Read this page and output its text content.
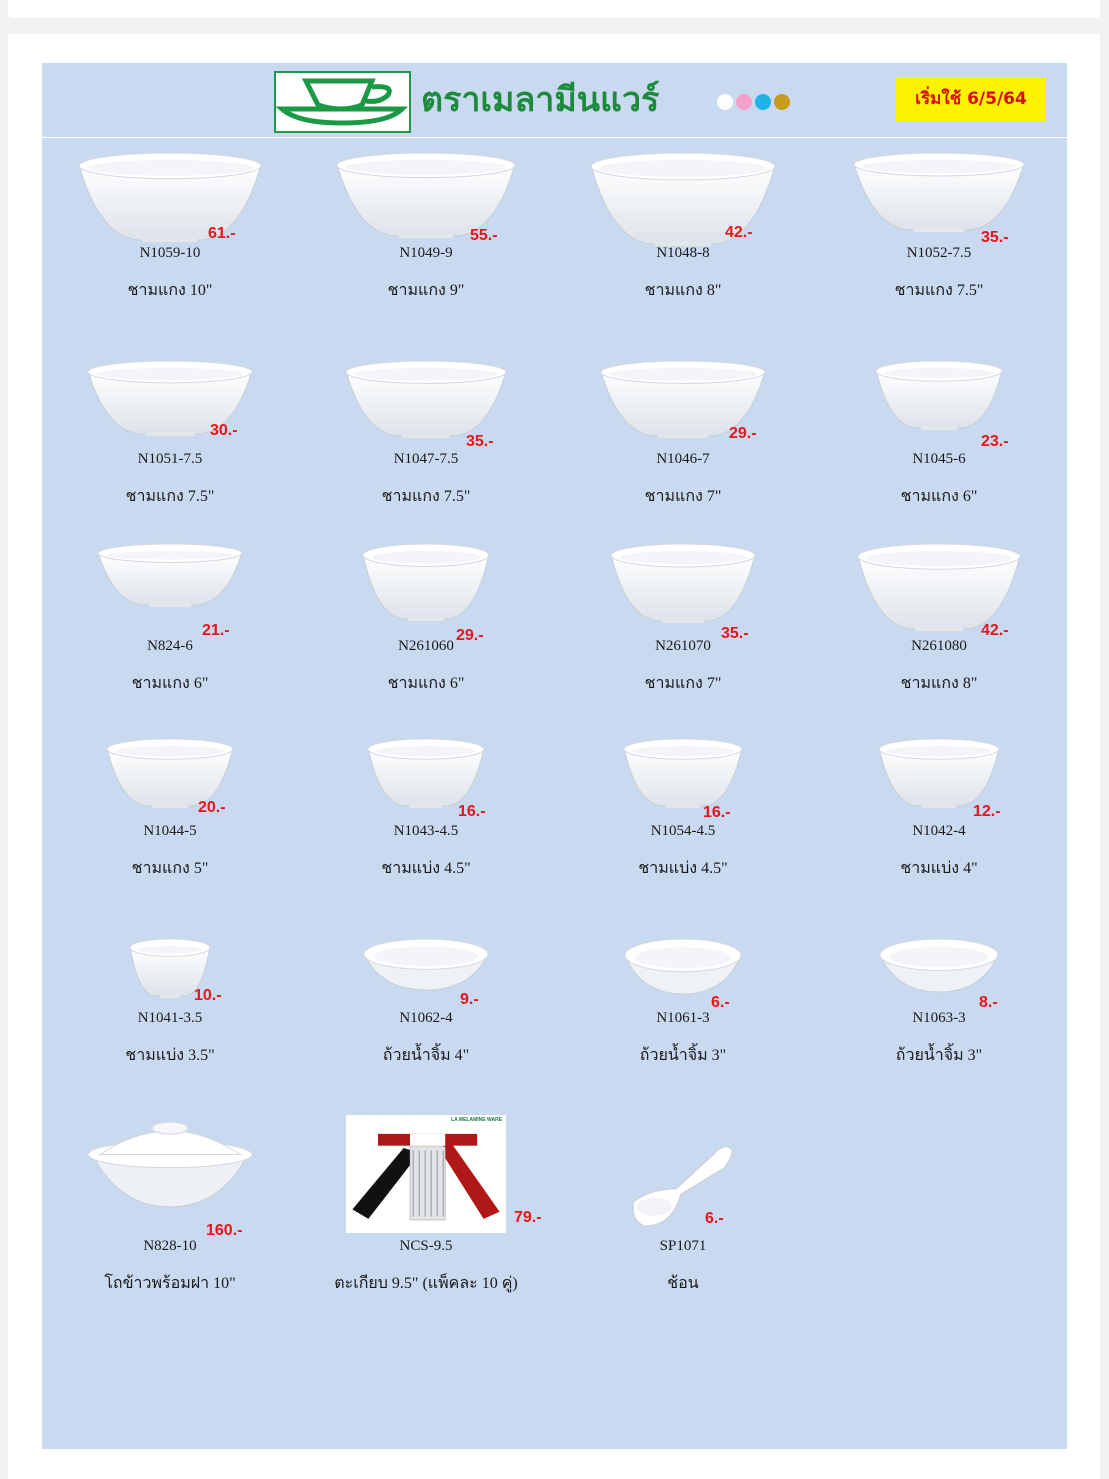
ตราเมลามีนแวร์	เริ่มใช้ 6/5/64
61.-
N1059-10
ชามแกง 10"
55.-
N1049-9
ชามแกง 9"
42.-
N1048-8
ชามแกง 8"
35.-
N1052-7.5
ชามแกง 7.5"
30.-
N1051-7.5
ชามแกง 7.5"
35.-
N1047-7.5
ชามแกง 7.5"
29.-
N1046-7
ชามแกง 7"
23.-
N1045-6
ชามแกง 6"
21.-
N824-6
ชามแกง 6"
29.-
N261060
ชามแกง 6"
35.-
N261070
ชามแกง 7"
42.-
N261080
ชามแกง 8"
20.-
N1044-5
ชามแกง 5"
16.-
N1043-4.5
ชามแบ่ง 4.5"
16.-
N1054-4.5
ชามแบ่ง 4.5"
12.-
N1042-4
ชามแบ่ง 4"
10.-
N1041-3.5
ชามแบ่ง 3.5"
9.-
N1062-4
ถ้วยน้ำจิ้ม 4"
6.-
N1061-3
ถ้วยน้ำจิ้ม 3"
8.-
N1063-3
ถ้วยน้ำจิ้ม 3"
160.-
N828-10
โถข้าวพร้อมฝา 10"
LA MELAMINE WARE
79.-
NCS-9.5
ตะเกียบ 9.5" (แพ็คละ 10 คู่)
6.-
SP1071
ช้อน
